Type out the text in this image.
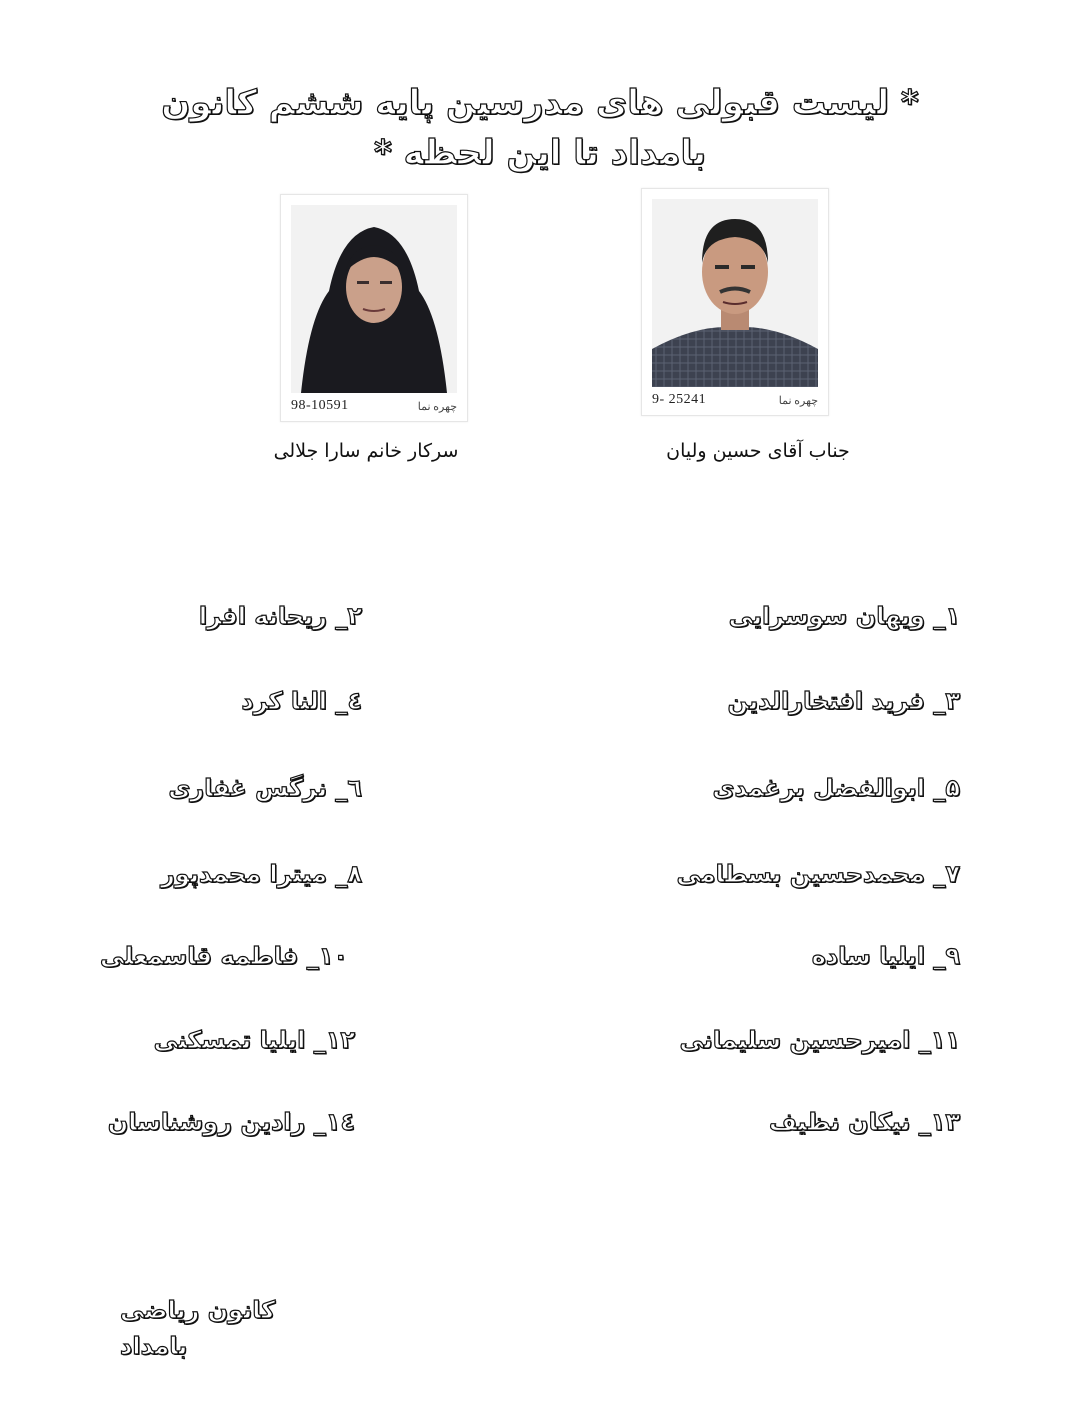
* لیست قبولی های مدرسین پایه ششم کانون بامداد تا این لحظه *
9- 25241	چهره نما
98-10591	چهره نما
جناب آقای حسین ولیان
سرکار خانم سارا جلالی
۱_ ویهان سوسرایی
۲_ ریحانه افرا
۳_ فرید افتخارالدین
٤_ النا کرد
۵_ ابوالفضل برغمدی
٦_ نرگس غفاری
۷_ محمدحسین بسطامی
۸_ میترا محمدپور
۹_ ایلیا ساده
۱۰_ فاطمه قاسمعلی
۱۱_ امیرحسین سلیمانی
۱۲_ ایلیا تمسکنی
۱۳_ نیکان نظیف
١٤_ رادین روشناسان
کانون ریاضی بامداد
